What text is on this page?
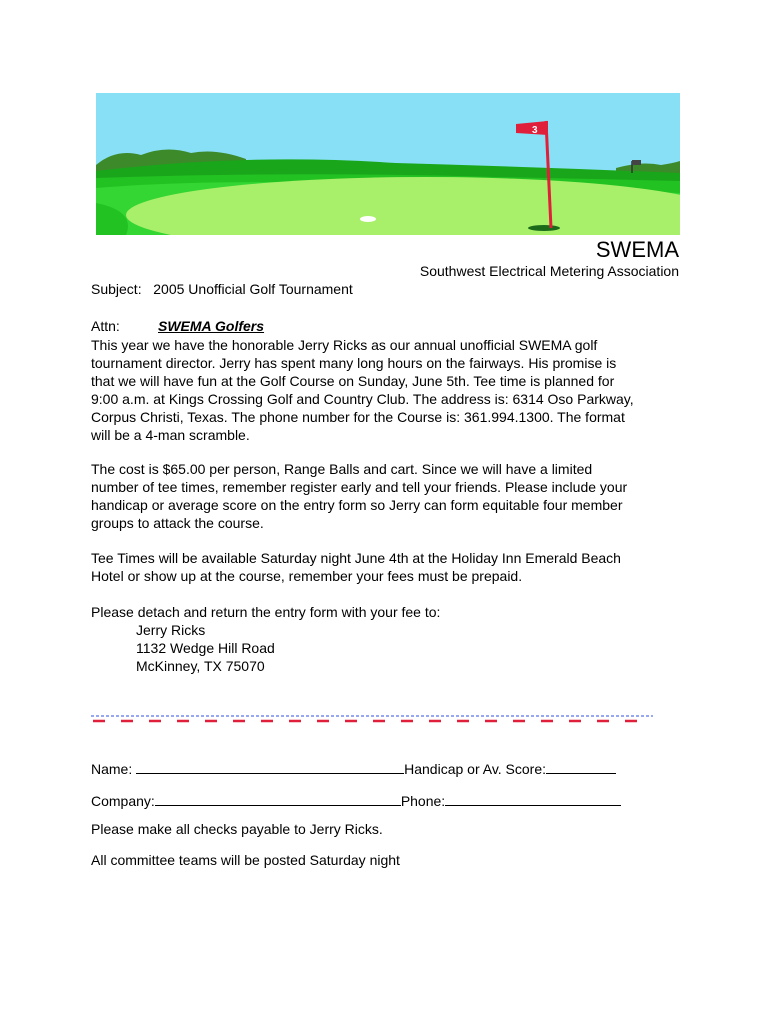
3
SWEMA
Southwest Electrical Metering Association
Subject: 2005 Unofficial Golf Tournament
Attn:	SWEMA Golfers
This year we have the honorable Jerry Ricks as our annual unofficial SWEMA golf
tournament director. Jerry has spent many long hours on the fairways. His promise is
that we will have fun at the Golf Course on Sunday, June 5th. Tee time is planned for
9:00 a.m. at Kings Crossing Golf and Country Club. The address is: 6314 Oso Parkway,
Corpus Christi, Texas. The phone number for the Course is: 361.994.1300. The format
will be a 4-man scramble.
The cost is $65.00 per person, Range Balls and cart. Since we will have a limited
number of tee times, remember register early and tell your friends. Please include your
handicap or average score on the entry form so Jerry can form equitable four member
groups to attack the course.
Tee Times will be available Saturday night June 4th at the Holiday Inn Emerald Beach
Hotel or show up at the course, remember your fees must be prepaid.
Please detach and return the entry form with your fee to:
Jerry Ricks
1132 Wedge Hill Road
McKinney, TX 75070
Name:	Handicap or Av. Score:
Company:	Phone:
Please make all checks payable to Jerry Ricks.
All committee teams will be posted Saturday night
